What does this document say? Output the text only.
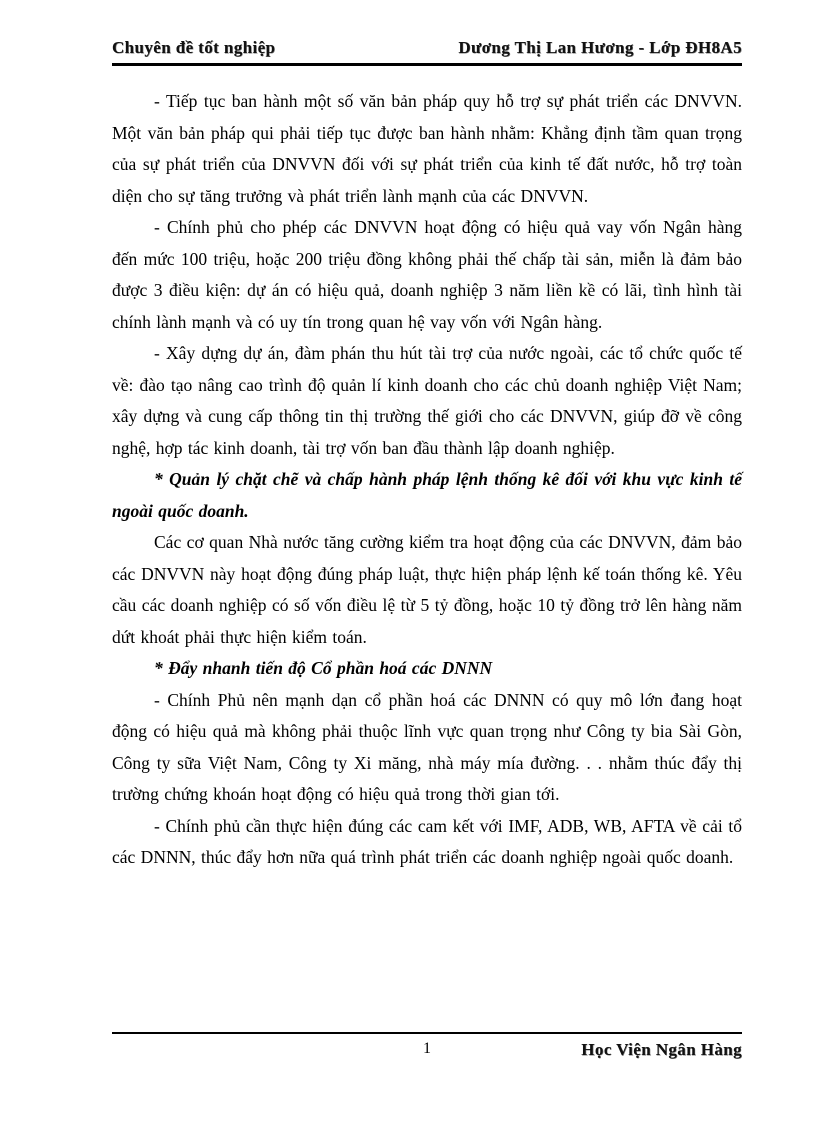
Chuyên đề tốt nghiệp	Dương Thị Lan Hương - Lớp ĐH8A5

- Tiếp tục ban hành một số văn bản pháp quy hỗ trợ sự phát triển các DNVVN. Một văn bản pháp qui phải tiếp tục được ban hành nhằm: Khẳng định tầm quan trọng của sự phát triển của DNVVN đối với sự phát triển của kinh tế đất nước, hỗ trợ toàn diện cho sự tăng trưởng và phát triển lành mạnh của các DNVVN.

- Chính phủ cho phép các DNVVN hoạt động có hiệu quả vay vốn Ngân hàng đến mức 100 triệu, hoặc 200 triệu đồng không phải thế chấp tài sản, miễn là đảm bảo được 3 điều kiện: dự án có hiệu quả, doanh nghiệp 3 năm liền kề có lãi, tình hình tài chính lành mạnh và có uy tín trong quan hệ vay vốn với Ngân hàng.

- Xây dựng dự án, đàm phán thu hút tài trợ của nước ngoài, các tổ chức quốc tế về: đào tạo nâng cao trình độ quản lí kinh doanh cho các chủ doanh nghiệp Việt Nam; xây dựng và cung cấp thông tin thị trường thế giới cho các DNVVN, giúp đỡ về công nghệ, hợp tác kinh doanh, tài trợ vốn ban đầu thành lập doanh nghiệp.

* Quản lý chặt chẽ và chấp hành pháp lệnh thống kê đối với khu vực kinh tế ngoài quốc doanh.

Các cơ quan Nhà nước tăng cường kiểm tra hoạt động của các DNVVN, đảm bảo các DNVVN này hoạt động đúng pháp luật, thực hiện pháp lệnh kế toán thống kê. Yêu cầu các doanh nghiệp có số vốn điều lệ từ 5 tỷ đồng, hoặc 10 tỷ đồng trở lên hàng năm dứt khoát phải thực hiện kiểm toán.

* Đẩy nhanh tiến độ Cổ phần hoá các DNNN

- Chính Phủ nên mạnh dạn cổ phần hoá các DNNN có quy mô lớn đang hoạt động có hiệu quả mà không phải thuộc lĩnh vực quan trọng như Công ty bia Sài Gòn, Công ty sữa Việt Nam, Công ty Xi măng, nhà máy mía đường. . . nhằm thúc đẩy thị trường chứng khoán hoạt động có hiệu quả trong thời gian tới.

- Chính phủ cần thực hiện đúng các cam kết với IMF, ADB, WB, AFTA về cải tổ các DNNN, thúc đẩy hơn nữa quá trình phát triển các doanh nghiệp ngoài quốc doanh.

1	Học Viện Ngân Hàng
